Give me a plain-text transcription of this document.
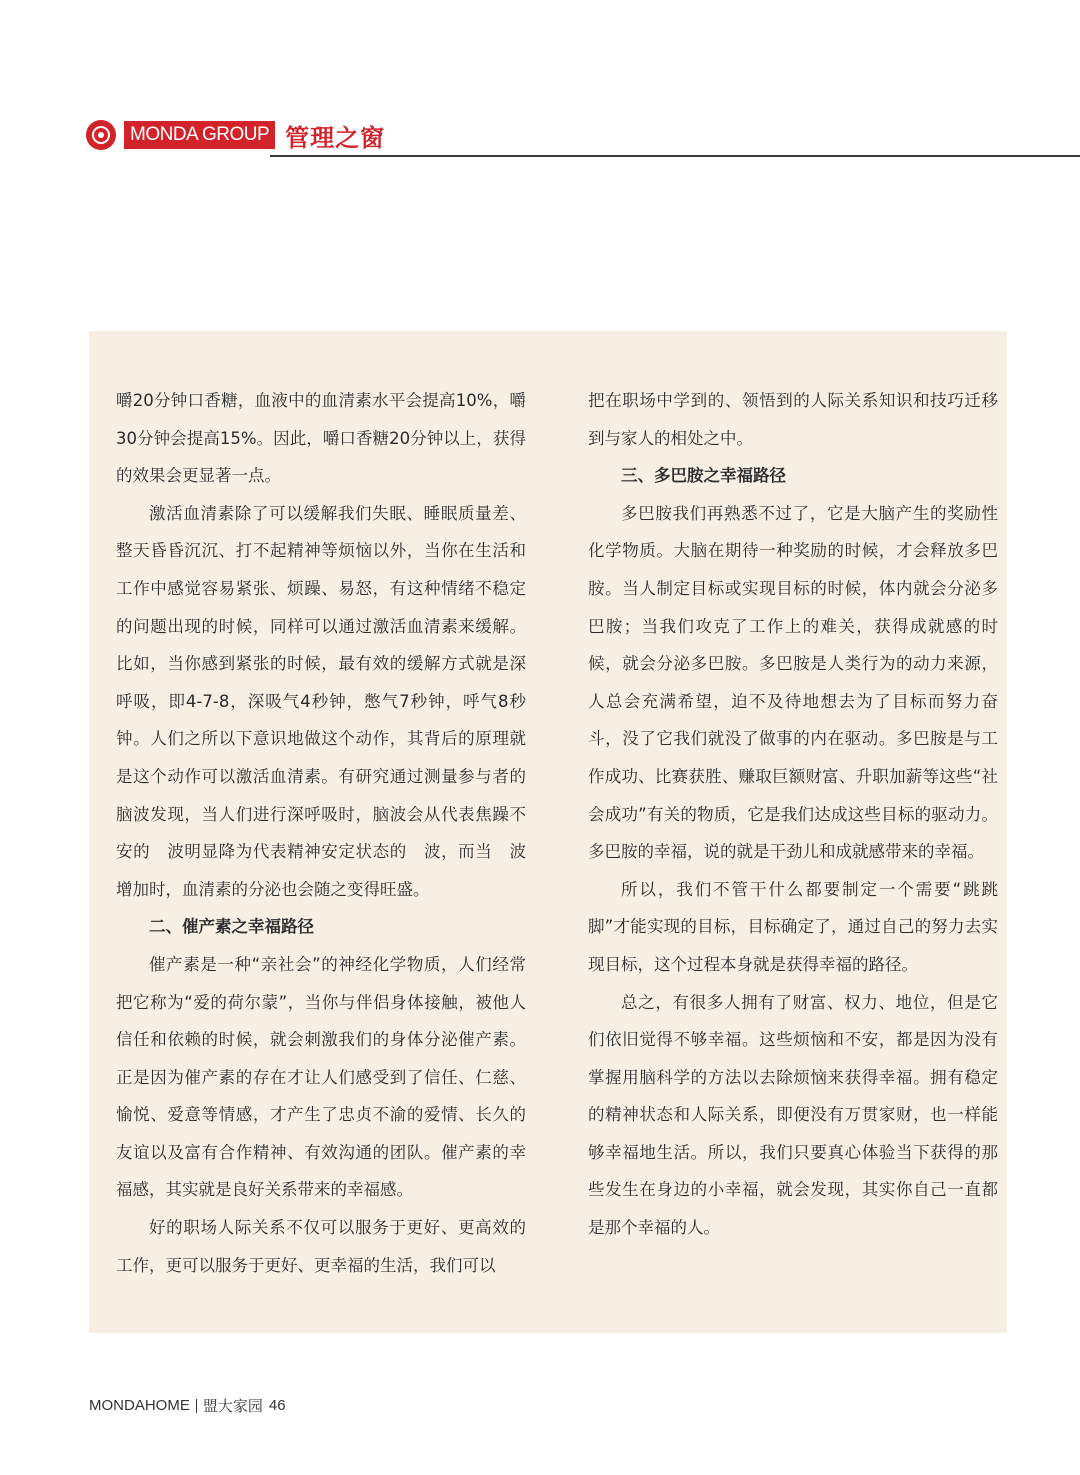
MONDA GROUP 管理之窗

嚼20分钟口香糖，血液中的血清素水平会提高10%，嚼30分钟会提高15%。因此，嚼口香糖20分钟以上，获得的效果会更显著一点。

激活血清素除了可以缓解我们失眠、睡眠质量差、整天昏昏沉沉、打不起精神等烦恼以外，当你在生活和工作中感觉容易紧张、烦躁、易怒，有这种情绪不稳定的问题出现的时候，同样可以通过激活血清素来缓解。比如，当你感到紧张的时候，最有效的缓解方式就是深呼吸，即4-7-8，深吸气4秒钟，憋气7秒钟，呼气8秒钟。人们之所以下意识地做这个动作，其背后的原理就是这个动作可以激活血清素。有研究通过测量参与者的脑波发现，当人们进行深呼吸时，脑波会从代表焦躁不安的　波明显降为代表精神安定状态的　波，而当　波增加时，血清素的分泌也会随之变得旺盛。

二、催产素之幸福路径

催产素是一种“亲社会”的神经化学物质，人们经常把它称为“爱的荷尔蒙”，当你与伴侣身体接触，被他人信任和依赖的时候，就会刺激我们的身体分泌催产素。正是因为催产素的存在才让人们感受到了信任、仁慈、愉悦、爱意等情感，才产生了忠贞不渝的爱情、长久的友谊以及富有合作精神、有效沟通的团队。催产素的幸福感，其实就是良好关系带来的幸福感。

好的职场人际关系不仅可以服务于更好、更高效的工作，更可以服务于更好、更幸福的生活，我们可以

把在职场中学到的、领悟到的人际关系知识和技巧迁移到与家人的相处之中。

三、多巴胺之幸福路径

多巴胺我们再熟悉不过了，它是大脑产生的奖励性化学物质。大脑在期待一种奖励的时候，才会释放多巴胺。当人制定目标或实现目标的时候，体内就会分泌多巴胺；当我们攻克了工作上的难关，获得成就感的时候，就会分泌多巴胺。多巴胺是人类行为的动力来源，人总会充满希望，迫不及待地想去为了目标而努力奋斗，没了它我们就没了做事的内在驱动。多巴胺是与工作成功、比赛获胜、赚取巨额财富、升职加薪等这些“社会成功”有关的物质，它是我们达成这些目标的驱动力。多巴胺的幸福，说的就是干劲儿和成就感带来的幸福。

所以，我们不管干什么都要制定一个需要“跳跳脚”才能实现的目标，目标确定了，通过自己的努力去实现目标，这个过程本身就是获得幸福的路径。

总之，有很多人拥有了财富、权力、地位，但是它们依旧觉得不够幸福。这些烦恼和不安，都是因为没有掌握用脑科学的方法以去除烦恼来获得幸福。拥有稳定的精神状态和人际关系，即便没有万贯家财，也一样能够幸福地生活。所以，我们只要真心体验当下获得的那些发生在身边的小幸福，就会发现，其实你自己一直都是那个幸福的人。

MONDAHOME 盟大家园 46
